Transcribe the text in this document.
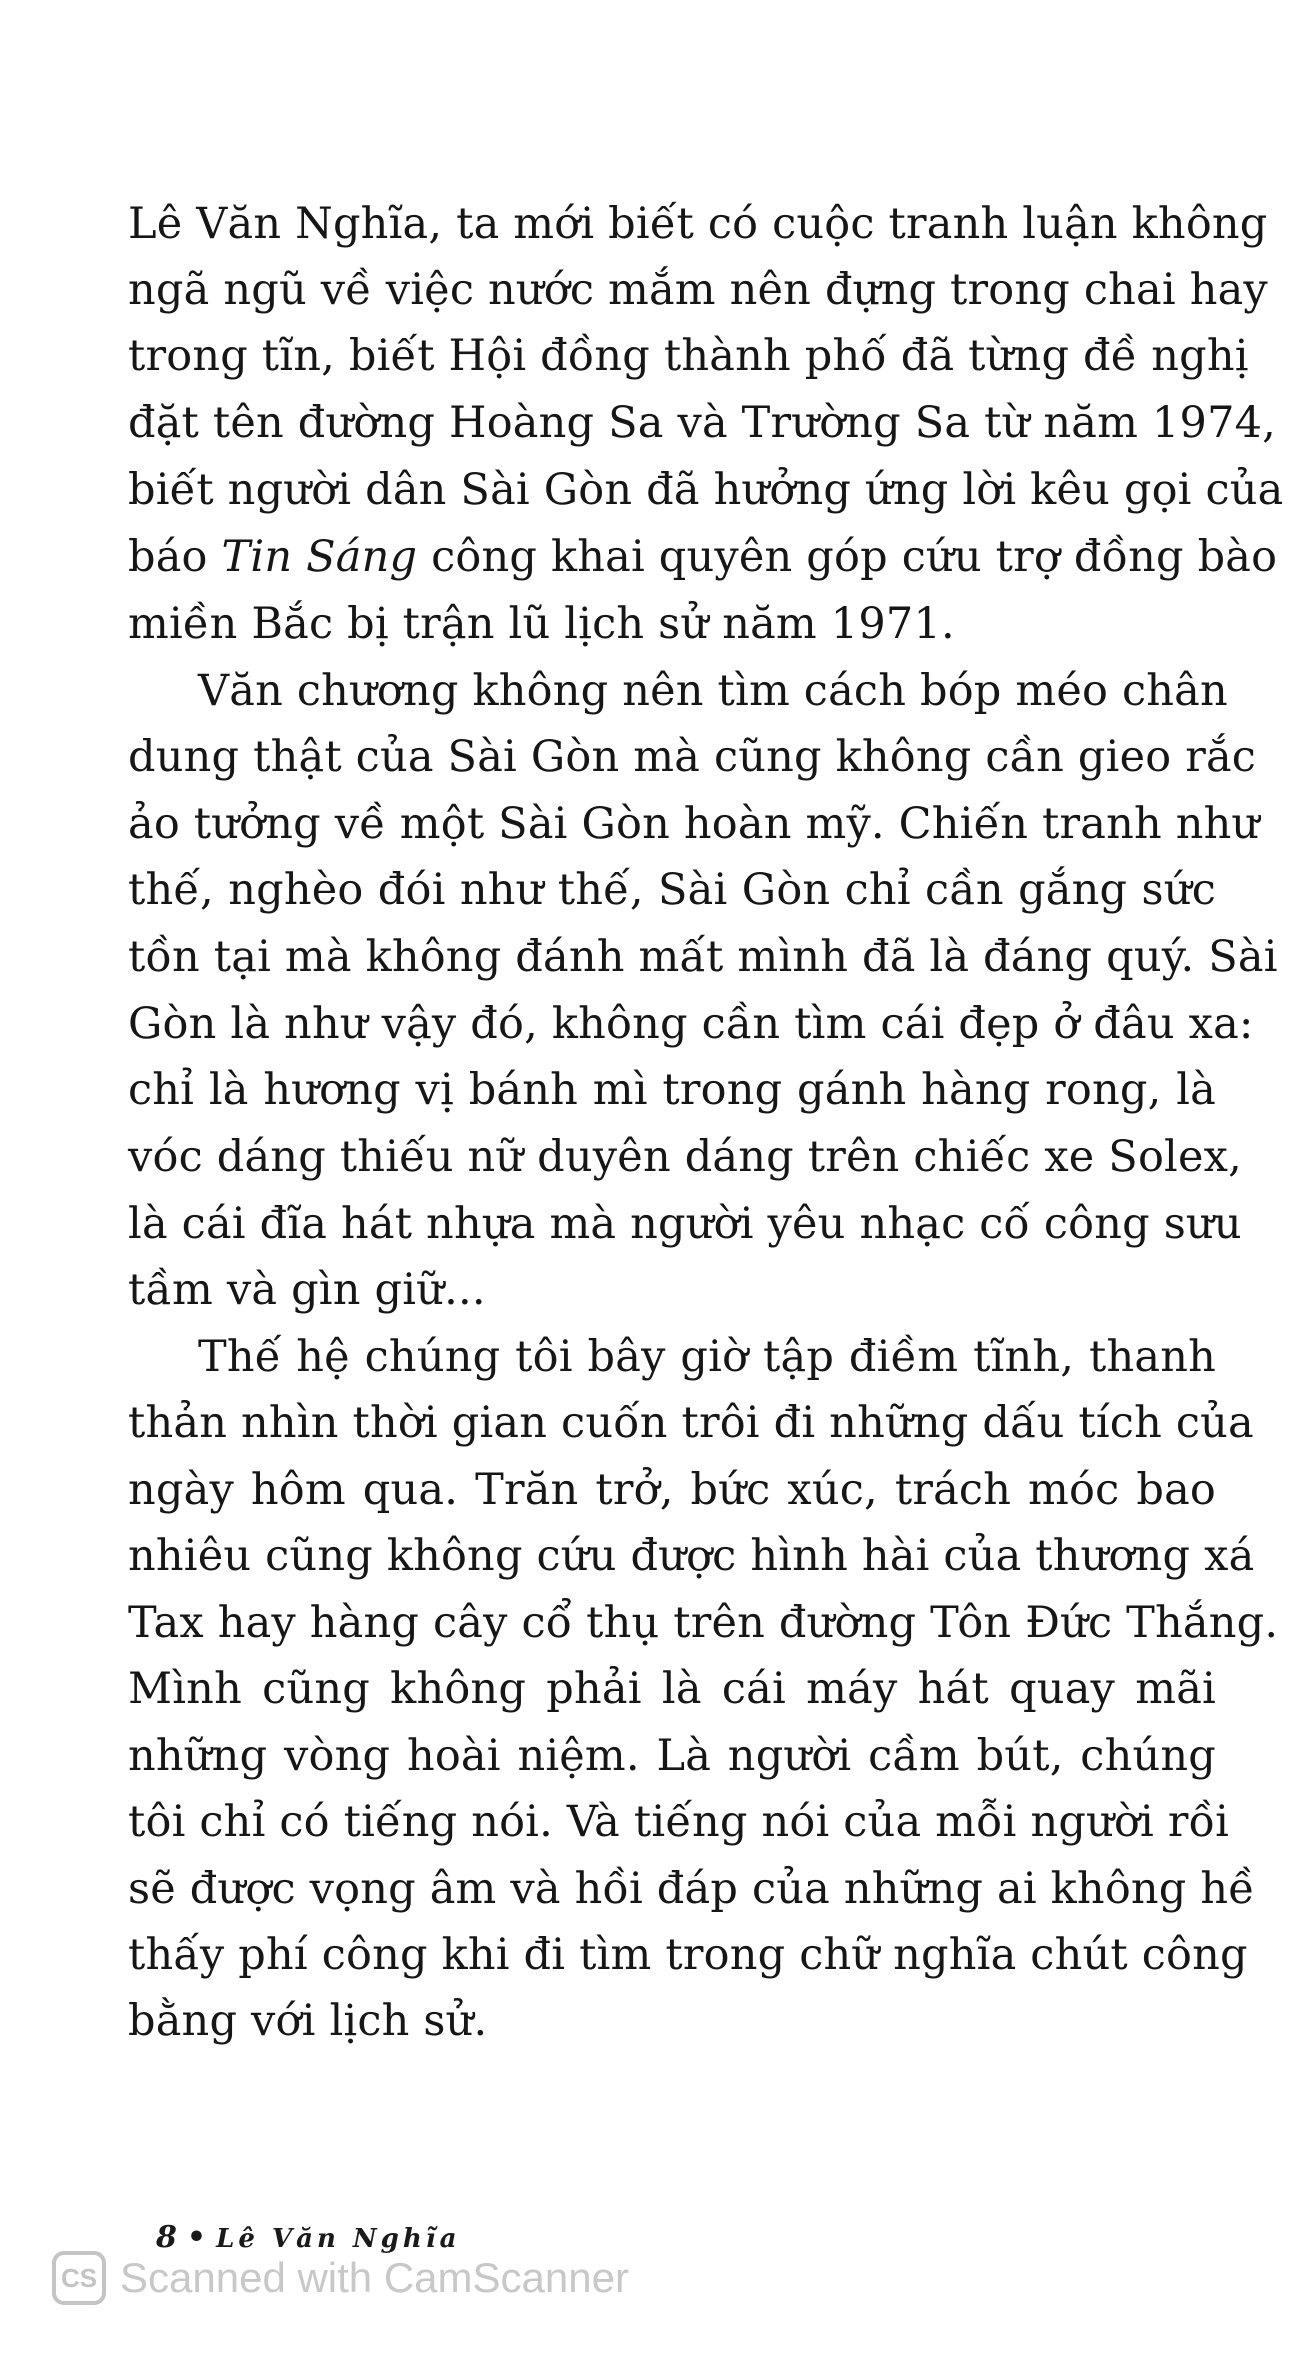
Lê Văn Nghĩa, ta mới biết có cuộc tranh luận không
ngã ngũ về việc nước mắm nên đựng trong chai hay
trong tĩn, biết Hội đồng thành phố đã từng đề nghị
đặt tên đường Hoàng Sa và Trường Sa từ năm 1974,
biết người dân Sài Gòn đã hưởng ứng lời kêu gọi của
báo Tin Sáng công khai quyên góp cứu trợ đồng bào
miền Bắc bị trận lũ lịch sử năm 1971.
Văn chương không nên tìm cách bóp méo chân
dung thật của Sài Gòn mà cũng không cần gieo rắc
ảo tưởng về một Sài Gòn hoàn mỹ. Chiến tranh như
thế, nghèo đói như thế, Sài Gòn chỉ cần gắng sức
tồn tại mà không đánh mất mình đã là đáng quý. Sài
Gòn là như vậy đó, không cần tìm cái đẹp ở đâu xa:
chỉ là hương vị bánh mì trong gánh hàng rong, là
vóc dáng thiếu nữ duyên dáng trên chiếc xe Solex,
là cái đĩa hát nhựa mà người yêu nhạc cố công sưu
tầm và gìn giữ...
Thế hệ chúng tôi bây giờ tập điềm tĩnh, thanh
thản nhìn thời gian cuốn trôi đi những dấu tích của
ngày hôm qua. Trăn trở, bức xúc, trách móc bao
nhiêu cũng không cứu được hình hài của thương xá
Tax hay hàng cây cổ thụ trên đường Tôn Đức Thắng.
Mình cũng không phải là cái máy hát quay mãi
những vòng hoài niệm. Là người cầm bút, chúng
tôi chỉ có tiếng nói. Và tiếng nói của mỗi người rồi
sẽ được vọng âm và hồi đáp của những ai không hề
thấy phí công khi đi tìm trong chữ nghĩa chút công
bằng với lịch sử.
8 • Lê Văn Nghĩa
CS Scanned with CamScanner
